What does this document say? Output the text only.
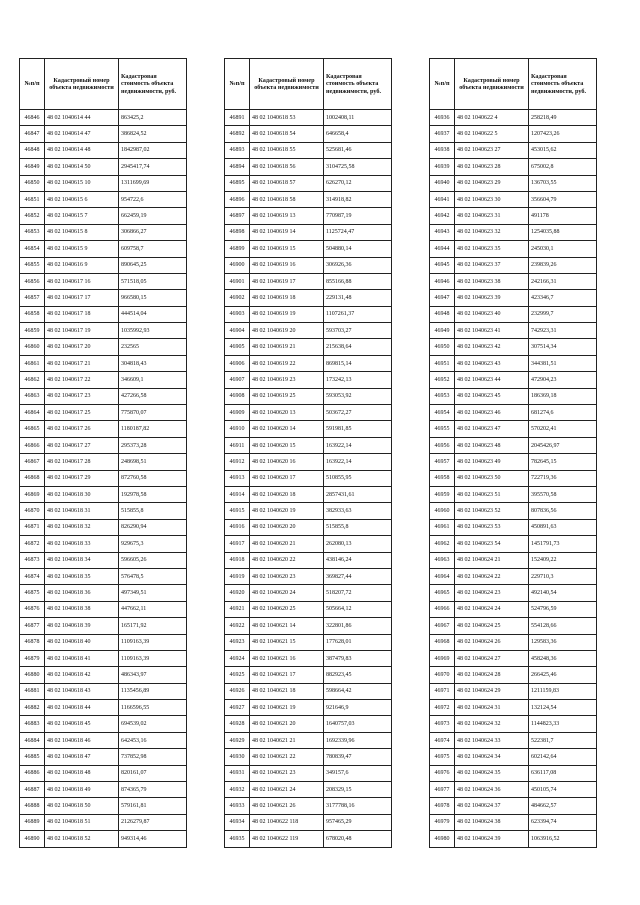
№п/п	Кадастровый номер объекта недвижимости	Кадастровая стоимость объекта недвижимости, руб.
46846	48 02 1040614 44	863425,2
46847	48 02 1040614 47	386824,52
46848	48 02 1040614 48	1842987,02
46849	48 02 1040614 50	2945417,74
46850	48 02 1040615 10	1311699,69
46851	48 02 1040615 6	954722,6
46852	48 02 1040615 7	662459,19
46853	48 02 1040615 8	306866,27
46854	48 02 1040615 9	609758,7
46855	48 02 1040616 9	890645,25
46856	48 02 1040617 16	571518,05
46857	48 02 1040617 17	966580,15
46858	48 02 1040617 18	444514,04
46859	48 02 1040617 19	1035992,93
46860	48 02 1040617 20	232565
46861	48 02 1040617 21	304818,43
46862	48 02 1040617 22	346609,1
46863	48 02 1040617 23	427266,58
46864	48 02 1040617 25	775870,07
46865	48 02 1040617 26	1180187,82
46866	48 02 1040617 27	295373,28
46867	48 02 1040617 28	248698,51
46868	48 02 1040617 29	872760,58
46869	48 02 1040618 30	192978,58
46870	48 02 1040618 31	515855,8
46871	48 02 1040618 32	826290,94
46872	48 02 1040618 33	929675,3
46873	48 02 1040618 34	596605,26
46874	48 02 1040618 35	576478,5
46875	48 02 1040618 36	497349,51
46876	48 02 1040618 38	447662,11
46877	48 02 1040618 39	165171,92
46878	48 02 1040618 40	1109163,39
46879	48 02 1040618 41	1109163,39
46880	48 02 1040618 42	486343,97
46881	48 02 1040618 43	1135456,89
46882	48 02 1040618 44	1166596,55
46883	48 02 1040618 45	694539,02
46884	48 02 1040618 46	642453,16
46885	48 02 1040618 47	737852,98
46886	48 02 1040618 48	820161,07
46887	48 02 1040618 49	874365,79
46888	48 02 1040618 50	579161,81
46889	48 02 1040618 51	2126279,87
46890	48 02 1040618 52	949314,46
№п/п	Кадастровый номер объекта недвижимости	Кадастровая стоимость объекта недвижимости, руб.
46891	48 02 1040618 53	1002408,11
46892	48 02 1040618 54	646658,4
46893	48 02 1040618 55	525681,46
46894	48 02 1040618 56	3104725,58
46895	48 02 1040618 57	626270,12
46896	48 02 1040618 58	314918,82
46897	48 02 1040619 13	770987,19
46898	48 02 1040619 14	1125724,47
46899	48 02 1040619 15	504880,14
46900	48 02 1040619 16	306926,36
46901	48 02 1040619 17	855166,88
46902	48 02 1040619 18	229131,48
46903	48 02 1040619 19	1107261,37
46904	48 02 1040619 20	593703,27
46905	48 02 1040619 21	215638,64
46906	48 02 1040619 22	869815,14
46907	48 02 1040619 23	173242,13
46908	48 02 1040619 25	593053,92
46909	48 02 1040620 13	503672,27
46910	48 02 1040620 14	591981,85
46911	48 02 1040620 15	163922,14
46912	48 02 1040620 16	163922,14
46913	48 02 1040620 17	510855,95
46914	48 02 1040620 18	2857431,61
46915	48 02 1040620 19	382933,63
46916	48 02 1040620 20	515855,8
46917	48 02 1040620 21	262080,13
46918	48 02 1040620 22	438146,24
46919	48 02 1040620 23	369827,44
46920	48 02 1040620 24	518207,72
46921	48 02 1040620 25	505664,12
46922	48 02 1040621 14	322801,86
46923	48 02 1040621 15	177628,01
46924	48 02 1040621 16	387479,83
46925	48 02 1040621 17	882923,45
46926	48 02 1040621 18	598664,42
46927	48 02 1040621 19	921646,9
46928	48 02 1040621 20	1640757,03
46929	48 02 1040621 21	1692339,96
46930	48 02 1040621 22	780839,47
46931	48 02 1040621 23	349157,6
46932	48 02 1040621 24	208329,15
46933	48 02 1040621 26	3177788,16
46934	48 02 1040622 118	957465,29
46935	48 02 1040622 119	678020,48
№п/п	Кадастровый номер объекта недвижимости	Кадастровая стоимость объекта недвижимости, руб.
46936	48 02 1040622 4	258218,49
46937	48 02 1040622 5	1207423,26
46938	48 02 1040623 27	453015,62
46939	48 02 1040623 28	675002,8
46940	48 02 1040623 29	136703,55
46941	48 02 1040623 30	356604,79
46942	48 02 1040623 31	491178
46943	48 02 1040623 32	1254035,88
46944	48 02 1040623 35	245030,1
46945	48 02 1040623 37	239839,26
46946	48 02 1040623 38	242166,31
46947	48 02 1040623 39	423346,7
46948	48 02 1040623 40	232999,7
46949	48 02 1040623 41	742923,31
46950	48 02 1040623 42	307514,34
46951	48 02 1040623 43	344381,51
46952	48 02 1040623 44	472904,23
46953	48 02 1040623 45	186369,18
46954	48 02 1040623 46	681274,6
46955	48 02 1040623 47	570202,41
46956	48 02 1040623 48	2045426,97
46957	48 02 1040623 49	782645,15
46958	48 02 1040623 50	722719,36
46959	48 02 1040623 51	395570,58
46960	48 02 1040623 52	807836,56
46961	48 02 1040623 53	450891,63
46962	48 02 1040623 54	1451791,73
46963	48 02 1040624 21	152409,22
46964	48 02 1040624 22	229710,3
46965	48 02 1040624 23	492140,54
46966	48 02 1040624 24	524796,59
46967	48 02 1040624 25	554128,66
46968	48 02 1040624 26	129583,36
46969	48 02 1040624 27	458248,36
46970	48 02 1040624 28	266425,46
46971	48 02 1040624 29	1211159,83
46972	48 02 1040624 31	132124,54
46973	48 02 1040624 32	1144823,33
46974	48 02 1040624 33	522381,7
46975	48 02 1040624 34	602142,64
46976	48 02 1040624 35	636117,08
46977	48 02 1040624 36	450105,74
46978	48 02 1040624 37	484662,57
46979	48 02 1040624 38	623394,74
46980	48 02 1040624 39	1063916,52
